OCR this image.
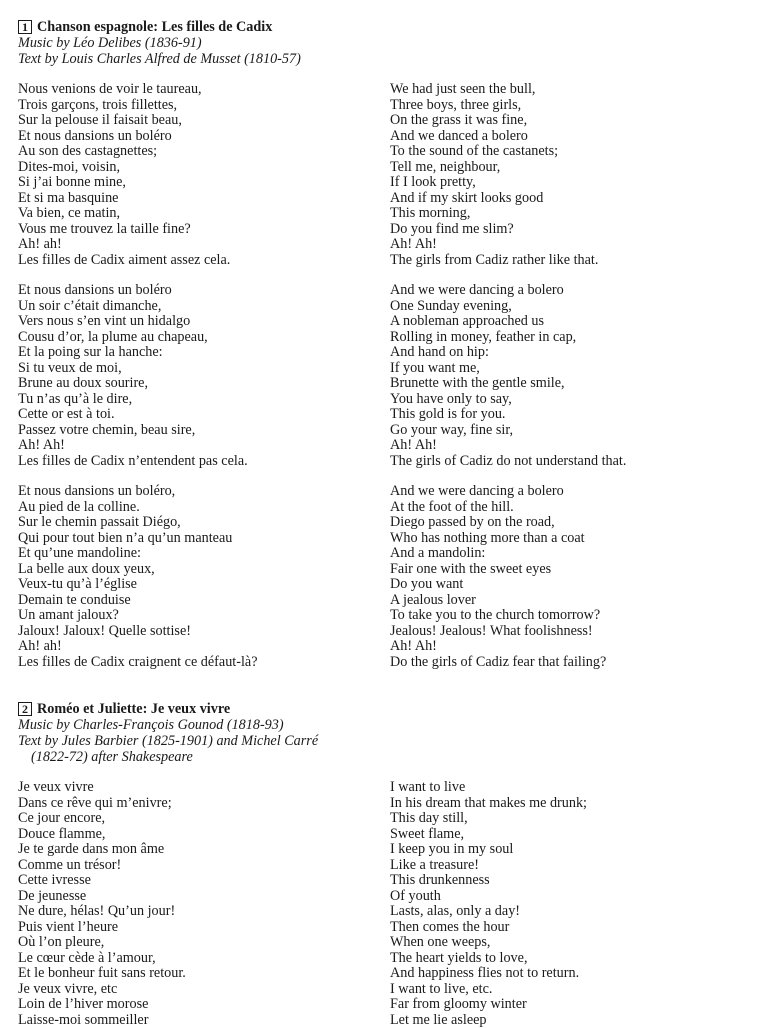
1 Chanson espagnole: Les filles de Cadix
Music by Léo Delibes (1836-91)
Text by Louis Charles Alfred de Musset (1810-57)
Nous venions de voir le taureau,
Trois garçons, trois fillettes,
Sur la pelouse il faisait beau,
Et nous dansions un boléro
Au son des castagnettes;
Dites-moi, voisin,
Si j’ai bonne mine,
Et si ma basquine
Va bien, ce matin,
Vous me trouvez la taille fine?
Ah! ah!
Les filles de Cadix aiment assez cela.
We had just seen the bull,
Three boys, three girls,
On the grass it was fine,
And we danced a bolero
To the sound of the castanets;
Tell me, neighbour,
If I look pretty,
And if my skirt looks good
This morning,
Do you find me slim?
Ah! Ah!
The girls from Cadiz rather like that.
Et nous dansions un boléro
Un soir c’était dimanche,
Vers nous s’en vint un hidalgo
Cousu d’or, la plume au chapeau,
Et la poing sur la hanche:
Si tu veux de moi,
Brune au doux sourire,
Tu n’as qu’à le dire,
Cette or est à toi.
Passez votre chemin, beau sire,
Ah! Ah!
Les filles de Cadix n’entendent pas cela.
And we were dancing a bolero
One Sunday evening,
A nobleman approached us
Rolling in money, feather in cap,
And hand on hip:
If you want me,
Brunette with the gentle smile,
You have only to say,
This gold is for you.
Go your way, fine sir,
Ah! Ah!
The girls of Cadiz do not understand that.
Et nous dansions un boléro,
Au pied de la colline.
Sur le chemin passait Diégo,
Qui pour tout bien n’a qu’un manteau
Et qu’une mandoline:
La belle aux doux yeux,
Veux-tu qu’à l’église
Demain te conduise
Un amant jaloux?
Jaloux! Jaloux! Quelle sottise!
Ah! ah!
Les filles de Cadix craignent ce défaut-là?
And we were dancing a bolero
At the foot of the hill.
Diego passed by on the road,
Who has nothing more than a coat
And a mandolin:
Fair one with the sweet eyes
Do you want
A jealous lover
To take you to the church tomorrow?
Jealous! Jealous! What foolishness!
Ah! Ah!
Do the girls of Cadiz fear that failing?
2 Roméo et Juliette: Je veux vivre
Music by Charles-François Gounod (1818-93)
Text by Jules Barbier (1825-1901) and Michel Carré
(1822-72) after Shakespeare
Je veux vivre
Dans ce rêve qui m’enivre;
Ce jour encore,
Douce flamme,
Je te garde dans mon âme
Comme un trésor!
Cette ivresse
De jeunesse
Ne dure, hélas! Qu’un jour!
Puis vient l’heure
Où l’on pleure,
Le cœur cède à l’amour,
Et le bonheur fuit sans retour.
Je veux vivre, etc
Loin de l’hiver morose
Laisse-moi sommeiller
I want to live
In his dream that makes me drunk;
This day still,
Sweet flame,
I keep you in my soul
Like a treasure!
This drunkenness
Of youth
Lasts, alas, only a day!
Then comes the hour
When one weeps,
The heart yields to love,
And happiness flies not to return.
I want to live, etc.
Far from gloomy winter
Let me lie asleep
